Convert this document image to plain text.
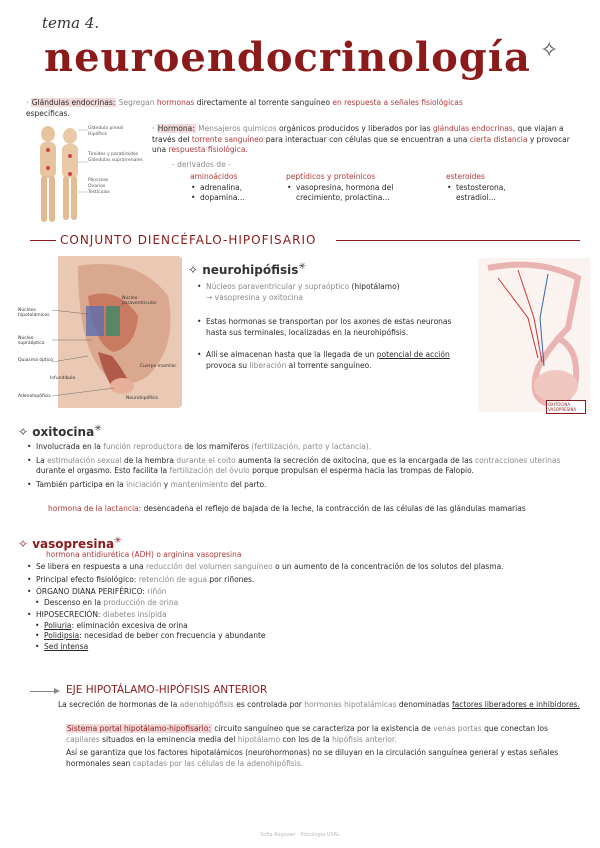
tema 4.
neuroendocrinología ✧
· Glándulas endocrinas: Segregan hormonas directamente al torrente sanguíneo en respuesta a señales fisiológicas
específicas.
Glándula pineal
Hipófisis
Tiroides y paratiroides
Glándulas suprarrenales
Páncreas
Ovarios
Testículos
· Hormona: Mensajeros químicos orgánicos producidos y liberados por las glándulas endocrinas, que viajan a través del torrente sanguíneo para interactuar con células que se encuentran a una cierta distancia y provocar una respuesta fisiológica.
- derivados de -
aminoácidos
• adrenalina,
• dopamina...
peptídicos y proteínicos
• vasopresina, hormona del crecimiento, prolactina...
esteroides
• testosterona, estradiol...
CONJUNTO DIENCÉFALO-HIPOFISARIO
Núcleo paraventricular
Núcleos hipotalámicos
Núcleo supraóptico
Quiasma óptico
Infundíbulo
Adenohipófisis
Cuerpo mamilar
Neurohipófisis
✧ neurohipófisis✳
• Núcleos paraventricular y supraóptico (hipotálamo)
→ vasopresina y oxitocina
• Estas hormonas se transportan por los axones de estas neuronas hasta sus terminales, localizadas en la neurohipófisis.
• Allí se almacenan hasta que la llegada de un potencial de acción provoca su liberación al torrente sanguíneo.
OXITOCINA VASOPRESINA
✧ oxitocina✳
• Involucrada en la función reproductora de los mamíferos (fertilización, parto y lactancia).
• La estimulación sexual de la hembra durante el coito aumenta la secreción de oxitocina, que es la encargada de las contracciones uterinas durante el orgasmo. Esto facilita la fertilización del óvulo porque propulsan el esperma hacia las trompas de Falopio.
• También participa en la iniciación y mantenimiento del parto.
hormona de la lactancia: desencadena el reflejo de bajada de la leche, la contracción de las células de las glándulas mamarias
✧ vasopresina✳
hormona antidiurética (ADH) o arginina vasopresina
• Se libera en respuesta a una reducción del volumen sanguíneo o un aumento de la concentración de los solutos del plasma.
• Principal efecto fisiológico: retención de agua por riñones.
• ÓRGANO DIANA PERIFÉRICO: riñón
• Descenso en la producción de orina
• HIPOSECRECIÓN: diabetes insípida
• Poliuria: eliminación excesiva de orina
• Polidipsia: necesidad de beber con frecuencia y abundante
• Sed intensa
EJE HIPOTÁLAMO-HIPÓFISIS ANTERIOR
La secreción de hormonas de la adenohipófisis es controlada por hormonas hipotalámicas denominadas factores liberadores e inhibidores.
Sistema portal hipotálamo-hipofisario: circuito sanguíneo que se caracteriza por la existencia de venas portas que conectan los capilares situados en la eminencia media del hipotálamo con los de la hipófisis anterior.
Así se garantiza que los factores hipotalámicos (neurohormonas) no se diluyan en la circulación sanguínea general y estas señales hormonales sean captadas por las células de la adenohipófisis.
Sofia Rogozan · Psicología USAL
